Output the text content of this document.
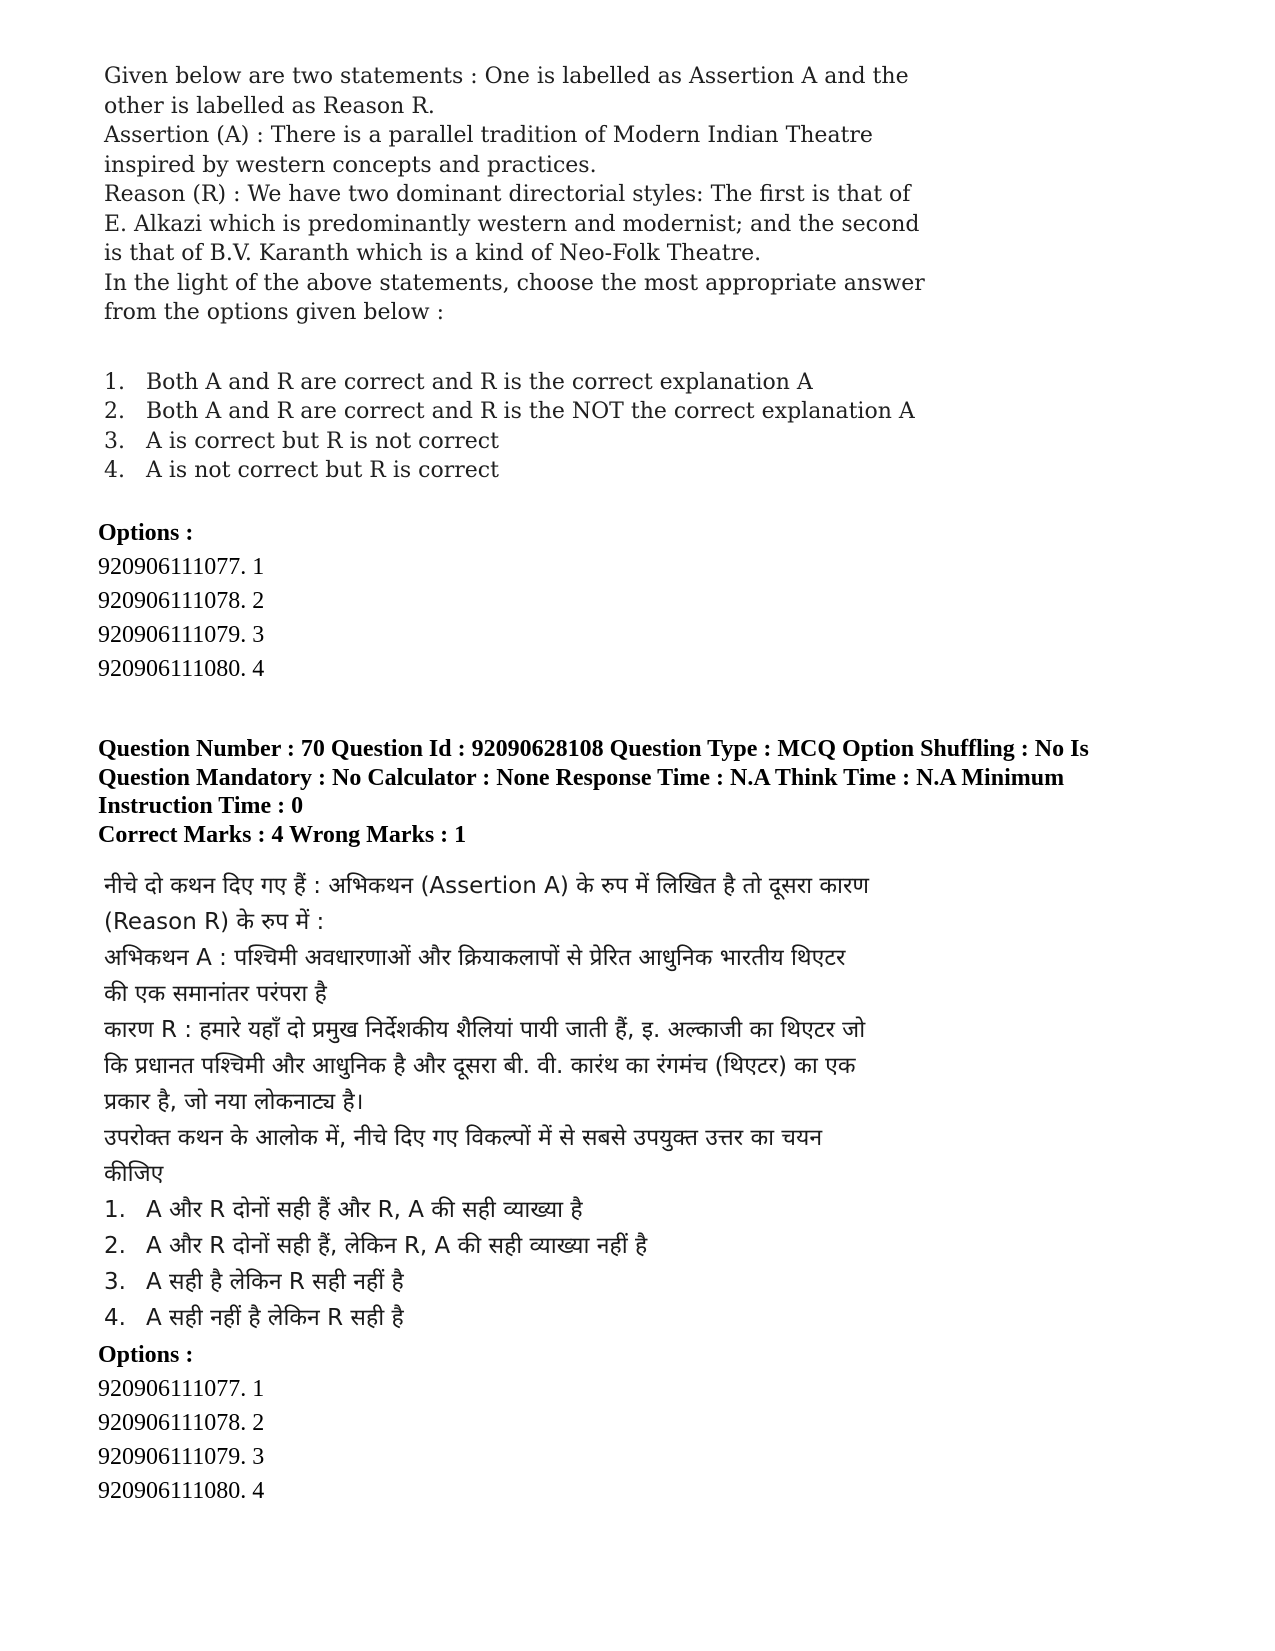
Given below are two statements : One is labelled as Assertion A and the

other is labelled as Reason R.

Assertion (A) : There is a parallel tradition of Modern Indian Theatre

inspired by western concepts and practices.

Reason (R) : We have two dominant directorial styles: The first is that of

E. Alkazi which is predominantly western and modernist; and the second

is that of B.V. Karanth which is a kind of Neo-Folk Theatre.

In the light of the above statements, choose the most appropriate answer

from the options given below :

1. Both A and R are correct and R is the correct explanation A
2. Both A and R are correct and R is the NOT the correct explanation A
3. A is correct but R is not correct
4. A is not correct but R is correct
Options :
920906111077. 1
920906111078. 2
920906111079. 3
920906111080. 4
Question Number : 70 Question Id : 92090628108 Question Type : MCQ Option Shuffling : No Is
Question Mandatory : No Calculator : None Response Time : N.A Think Time : N.A Minimum
Instruction Time : 0
Correct Marks : 4 Wrong Marks : 1

नीचे दो कथन दिए गए हैं : अभिकथन (Assertion A) के रुप में लिखित है तो दूसरा कारण

(Reason R) के रुप में :

अभिकथन A : पश्चिमी अवधारणाओं और क्रियाकलापों से प्रेरित आधुनिक भारतीय थिएटर

की एक समानांतर परंपरा है

कारण R : हमारे यहाँ दो प्रमुख निर्देशकीय शैलियां पायी जाती हैं, इ. अल्काजी का थिएटर जो

कि प्रधानत पश्चिमी और आधुनिक है और दूसरा बी. वी. कारंथ का रंगमंच (थिएटर) का एक

प्रकार है, जो नया लोकनाट्य है।

उपरोक्त कथन के आलोक में, नीचे दिए गए विकल्पों में से सबसे उपयुक्त उत्तर का चयन

कीजिए

1. A और R दोनों सही हैं और R, A की सही व्याख्या है
2. A और R दोनों सही हैं, लेकिन R, A की सही व्याख्या नहीं है
3. A सही है लेकिन R सही नहीं है
4. A सही नहीं है लेकिन R सही है
Options :
920906111077. 1
920906111078. 2
920906111079. 3
920906111080. 4
